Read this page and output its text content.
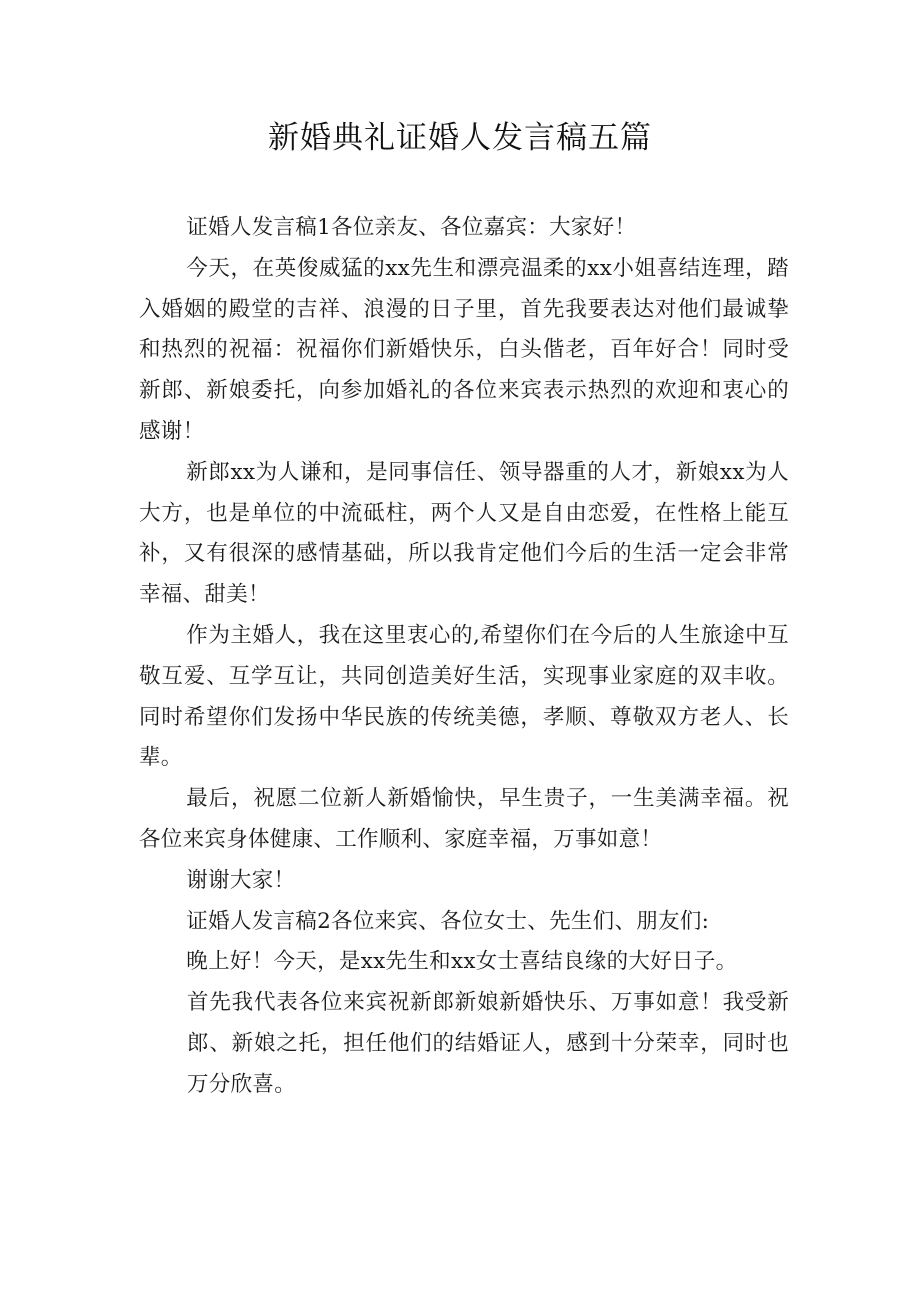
新婚典礼证婚人发言稿五篇

证婚人发言稿1各位亲友、各位嘉宾：大家好！

今天，在英俊威猛的xx先生和漂亮温柔的xx小姐喜结连理，踏入婚姻的殿堂的吉祥、浪漫的日子里，首先我要表达对他们最诚挚和热烈的祝福：祝福你们新婚快乐，白头偕老，百年好合！同时受新郎、新娘委托，向参加婚礼的各位来宾表示热烈的欢迎和衷心的感谢！

新郎xx为人谦和，是同事信任、领导器重的人才，新娘xx为人大方，也是单位的中流砥柱，两个人又是自由恋爱，在性格上能互补，又有很深的感情基础，所以我肯定他们今后的生活一定会非常幸福、甜美！

作为主婚人，我在这里衷心的,希望你们在今后的人生旅途中互敬互爱、互学互让，共同创造美好生活，实现事业家庭的双丰收。同时希望你们发扬中华民族的传统美德，孝顺、尊敬双方老人、长辈。

最后，祝愿二位新人新婚愉快，早生贵子，一生美满幸福。祝各位来宾身体健康、工作顺利、家庭幸福，万事如意！

谢谢大家！

证婚人发言稿2各位来宾、各位女士、先生们、朋友们:

晚上好！今天，是xx先生和xx女士喜结良缘的大好日子。

首先我代表各位来宾祝新郎新娘新婚快乐、万事如意！我受新郎、新娘之托，担任他们的结婚证人，感到十分荣幸，同时也万分欣喜。
